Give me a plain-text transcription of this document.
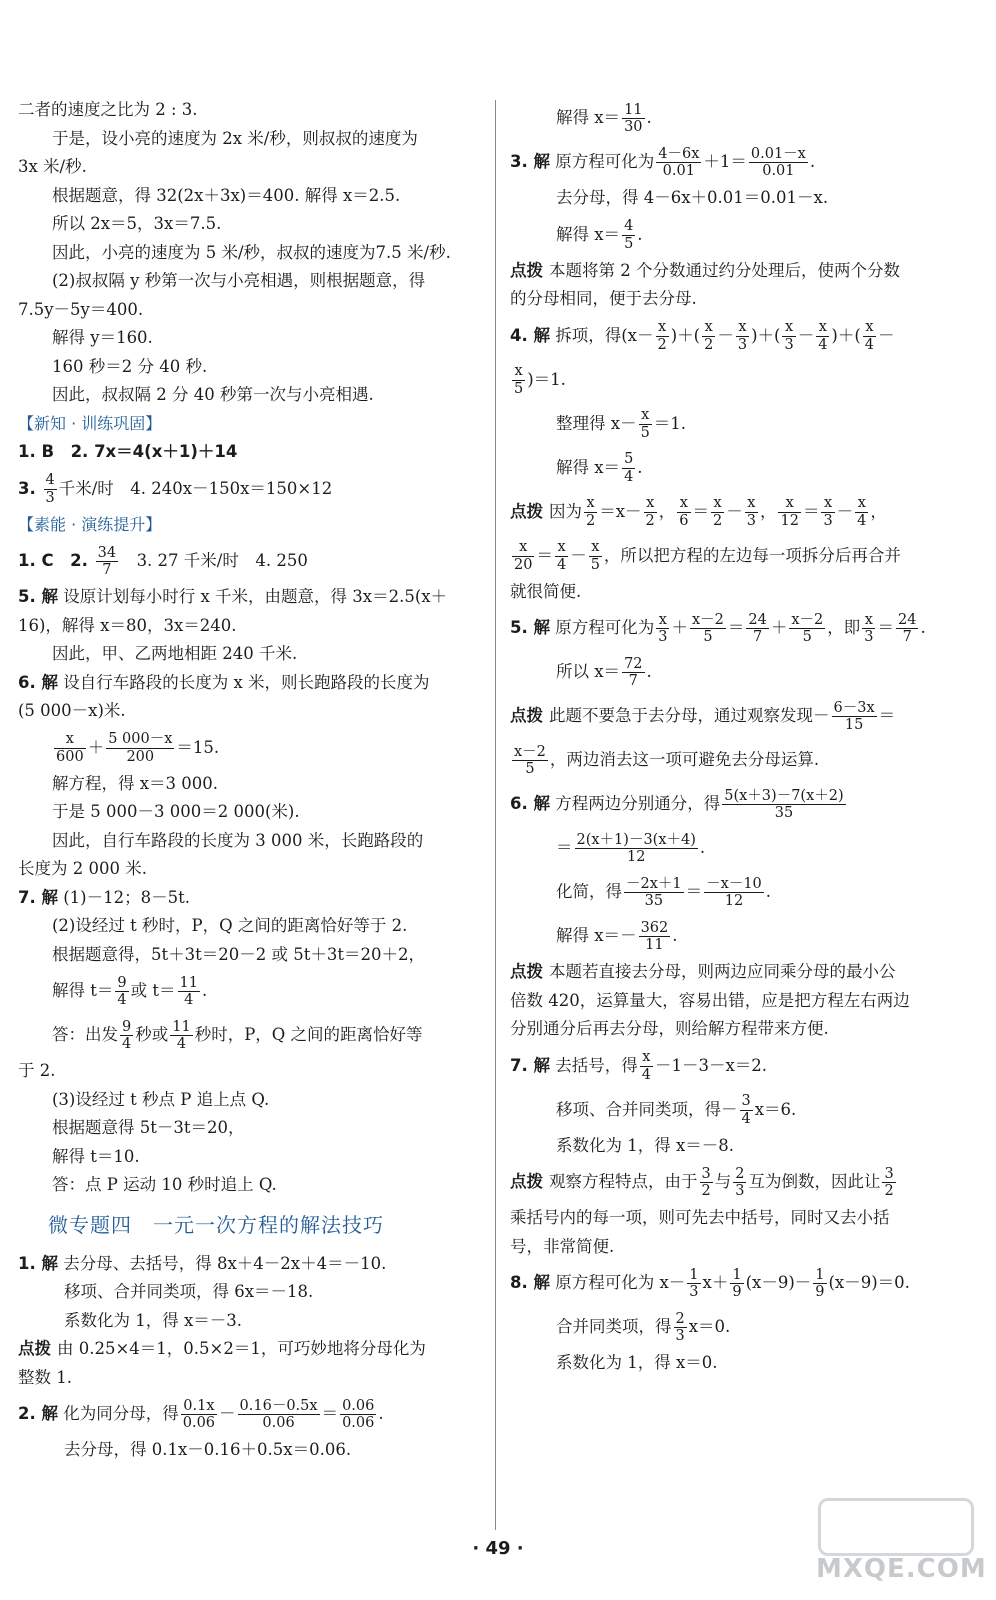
二者的速度之比为 2 : 3.
于是，设小亮的速度为 2x 米/秒，则叔叔的速度为
3x 米/秒.
根据题意，得 32(2x＋3x)＝400. 解得 x＝2.5.
所以 2x＝5，3x＝7.5.
因此，小亮的速度为 5 米/秒，叔叔的速度为7.5 米/秒.
(2)叔叔隔 y 秒第一次与小亮相遇，则根据题意，得
7.5y－5y＝400.
解得 y＝160.
160 秒＝2 分 40 秒.
因此，叔叔隔 2 分 40 秒第一次与小亮相遇.
【新知 · 训练巩固】
1. B　2. 7x＝4(x＋1)＋14
3. $\frac{4}{3}$ 千米/时　4. 240x－150x＝150×12
【素能 · 演练提升】
1. C　2. $\frac{34}{7}$ 　3. 27 千米/时　4. 250
5. 解 设原计划每小时行 x 千米，由题意，得 3x＝2.5(x＋
16)，解得 x＝80，3x＝240.
因此，甲、乙两地相距 240 千米.
6. 解 设自行车路段的长度为 x 米，则长跑路段的长度为
(5 000－x)米.
$\frac{x}{600} + \frac{5 000-x}{200} =15$.
解方程，得 x＝3 000.
于是 5 000－3 000＝2 000(米).
因此，自行车路段的长度为 3 000 米，长跑路段的
长度为 2 000 米.
7. 解 (1)－12；8－5t.
(2)设经过 t 秒时，P，Q 之间的距离恰好等于 2.
根据题意得，5t＋3t＝20－2 或 5t＋3t＝20＋2，
解得 $t= \frac{9}{4}$ 或 $t= \frac{11}{4}$ .
答：出发 $\frac{9}{4}$ 秒或 $\frac{11}{4}$ 秒时，P，Q 之间的距离恰好等
于 2.
(3)设经过 t 秒点 P 追上点 Q.
根据题意得 5t－3t＝20，
解得 t＝10.
答：点 P 运动 10 秒时追上 Q.
微专题四　一元一次方程的解法技巧
1. 解 去分母、去括号，得 8x＋4－2x＋4＝－10.
移项、合并同类项，得 6x＝－18.
系数化为 1，得 x＝－3.
点拨 由 0.25×4＝1，0.5×2＝1，可巧妙地将分母化为
整数 1.
2. 解 化为同分母，得 $\frac{0.1x}{0.06} - \frac{0.16-0.5x}{0.06} = \frac{0.06}{0.06}$ .
去分母，得 0.1x－0.16＋0.5x＝0.06.
解得 $x= \frac{11}{30}$ .
3. 解 原方程可化为 $\frac{4-6x}{0.01} +1= \frac{0.01-x}{0.01}$ .
去分母，得 4－6x＋0.01＝0.01－x.
解得 $x= \frac{4}{5}$ .
点拨 本题将第 2 个分数通过约分处理后，使两个分数
的分母相同，便于去分母.
4. 解 拆项，得($x- \frac{x}{2}$ )＋( $\frac{x}{2} - \frac{x}{3}$ )＋( $\frac{x}{3} - \frac{x}{4}$ )＋( $\frac{x}{4}$ －
$\frac{x}{5} )=1$.
整理得 $x- \frac{x}{5} =1$.
解得 $x= \frac{5}{4}$ .
点拨 因为 $\frac{x}{2} =x- \frac{x}{2}$ ， $\frac{x}{6} = \frac{x}{2} - \frac{x}{3}$ ， $\frac{x}{12} = \frac{x}{3} - \frac{x}{4}$ ，
$\frac{x}{20} = \frac{x}{4} - \frac{x}{5}$ ，所以把方程的左边每一项拆分后再合并
就很简便.
5. 解 原方程可化为 $\frac{x}{3} + \frac{x-2}{5} = \frac{24}{7} + \frac{x-2}{5}$ ，即 $\frac{x}{3} = \frac{24}{7}$ .
所以 $x= \frac{72}{7}$ .
点拨 此题不要急于去分母，通过观察发现－ $\frac{6-3x}{15}$ ＝
$\frac{x-2}{5}$ ，两边消去这一项可避免去分母运算.
6. 解 方程两边分别通分，得 $\frac{5(x+3)-7(x+2)}{35}$
＝ $\frac{2(x+1)-3(x+4)}{12}$ .
化简，得 $\frac{-2x+1}{35} = \frac{-x-10}{12}$ .
解得 $x=- \frac{362}{11}$ .
点拨 本题若直接去分母，则两边应同乘分母的最小公
倍数 420，运算量大，容易出错，应是把方程左右两边
分别通分后再去分母，则给解方程带来方便.
7. 解 去括号，得 $\frac{x}{4} -1-3-x=2$.
移项、合并同类项，得－ $\frac{3}{4} x=6$.
系数化为 1，得 x＝－8.
点拨 观察方程特点，由于 $\frac{3}{2}$ 与 $\frac{2}{3}$ 互为倒数，因此让 $\frac{3}{2}$
乘括号内的每一项，则可先去中括号，同时又去小括
号，非常简便.
8. 解 原方程可化为 $x- \frac{1}{3} x+ \frac{1}{9} (x-9)- \frac{1}{9} (x-9)=0$.
合并同类项，得 $\frac{2}{3} x=0$.
系数化为 1，得 x＝0.
· 49 ·
MXQE.COM
